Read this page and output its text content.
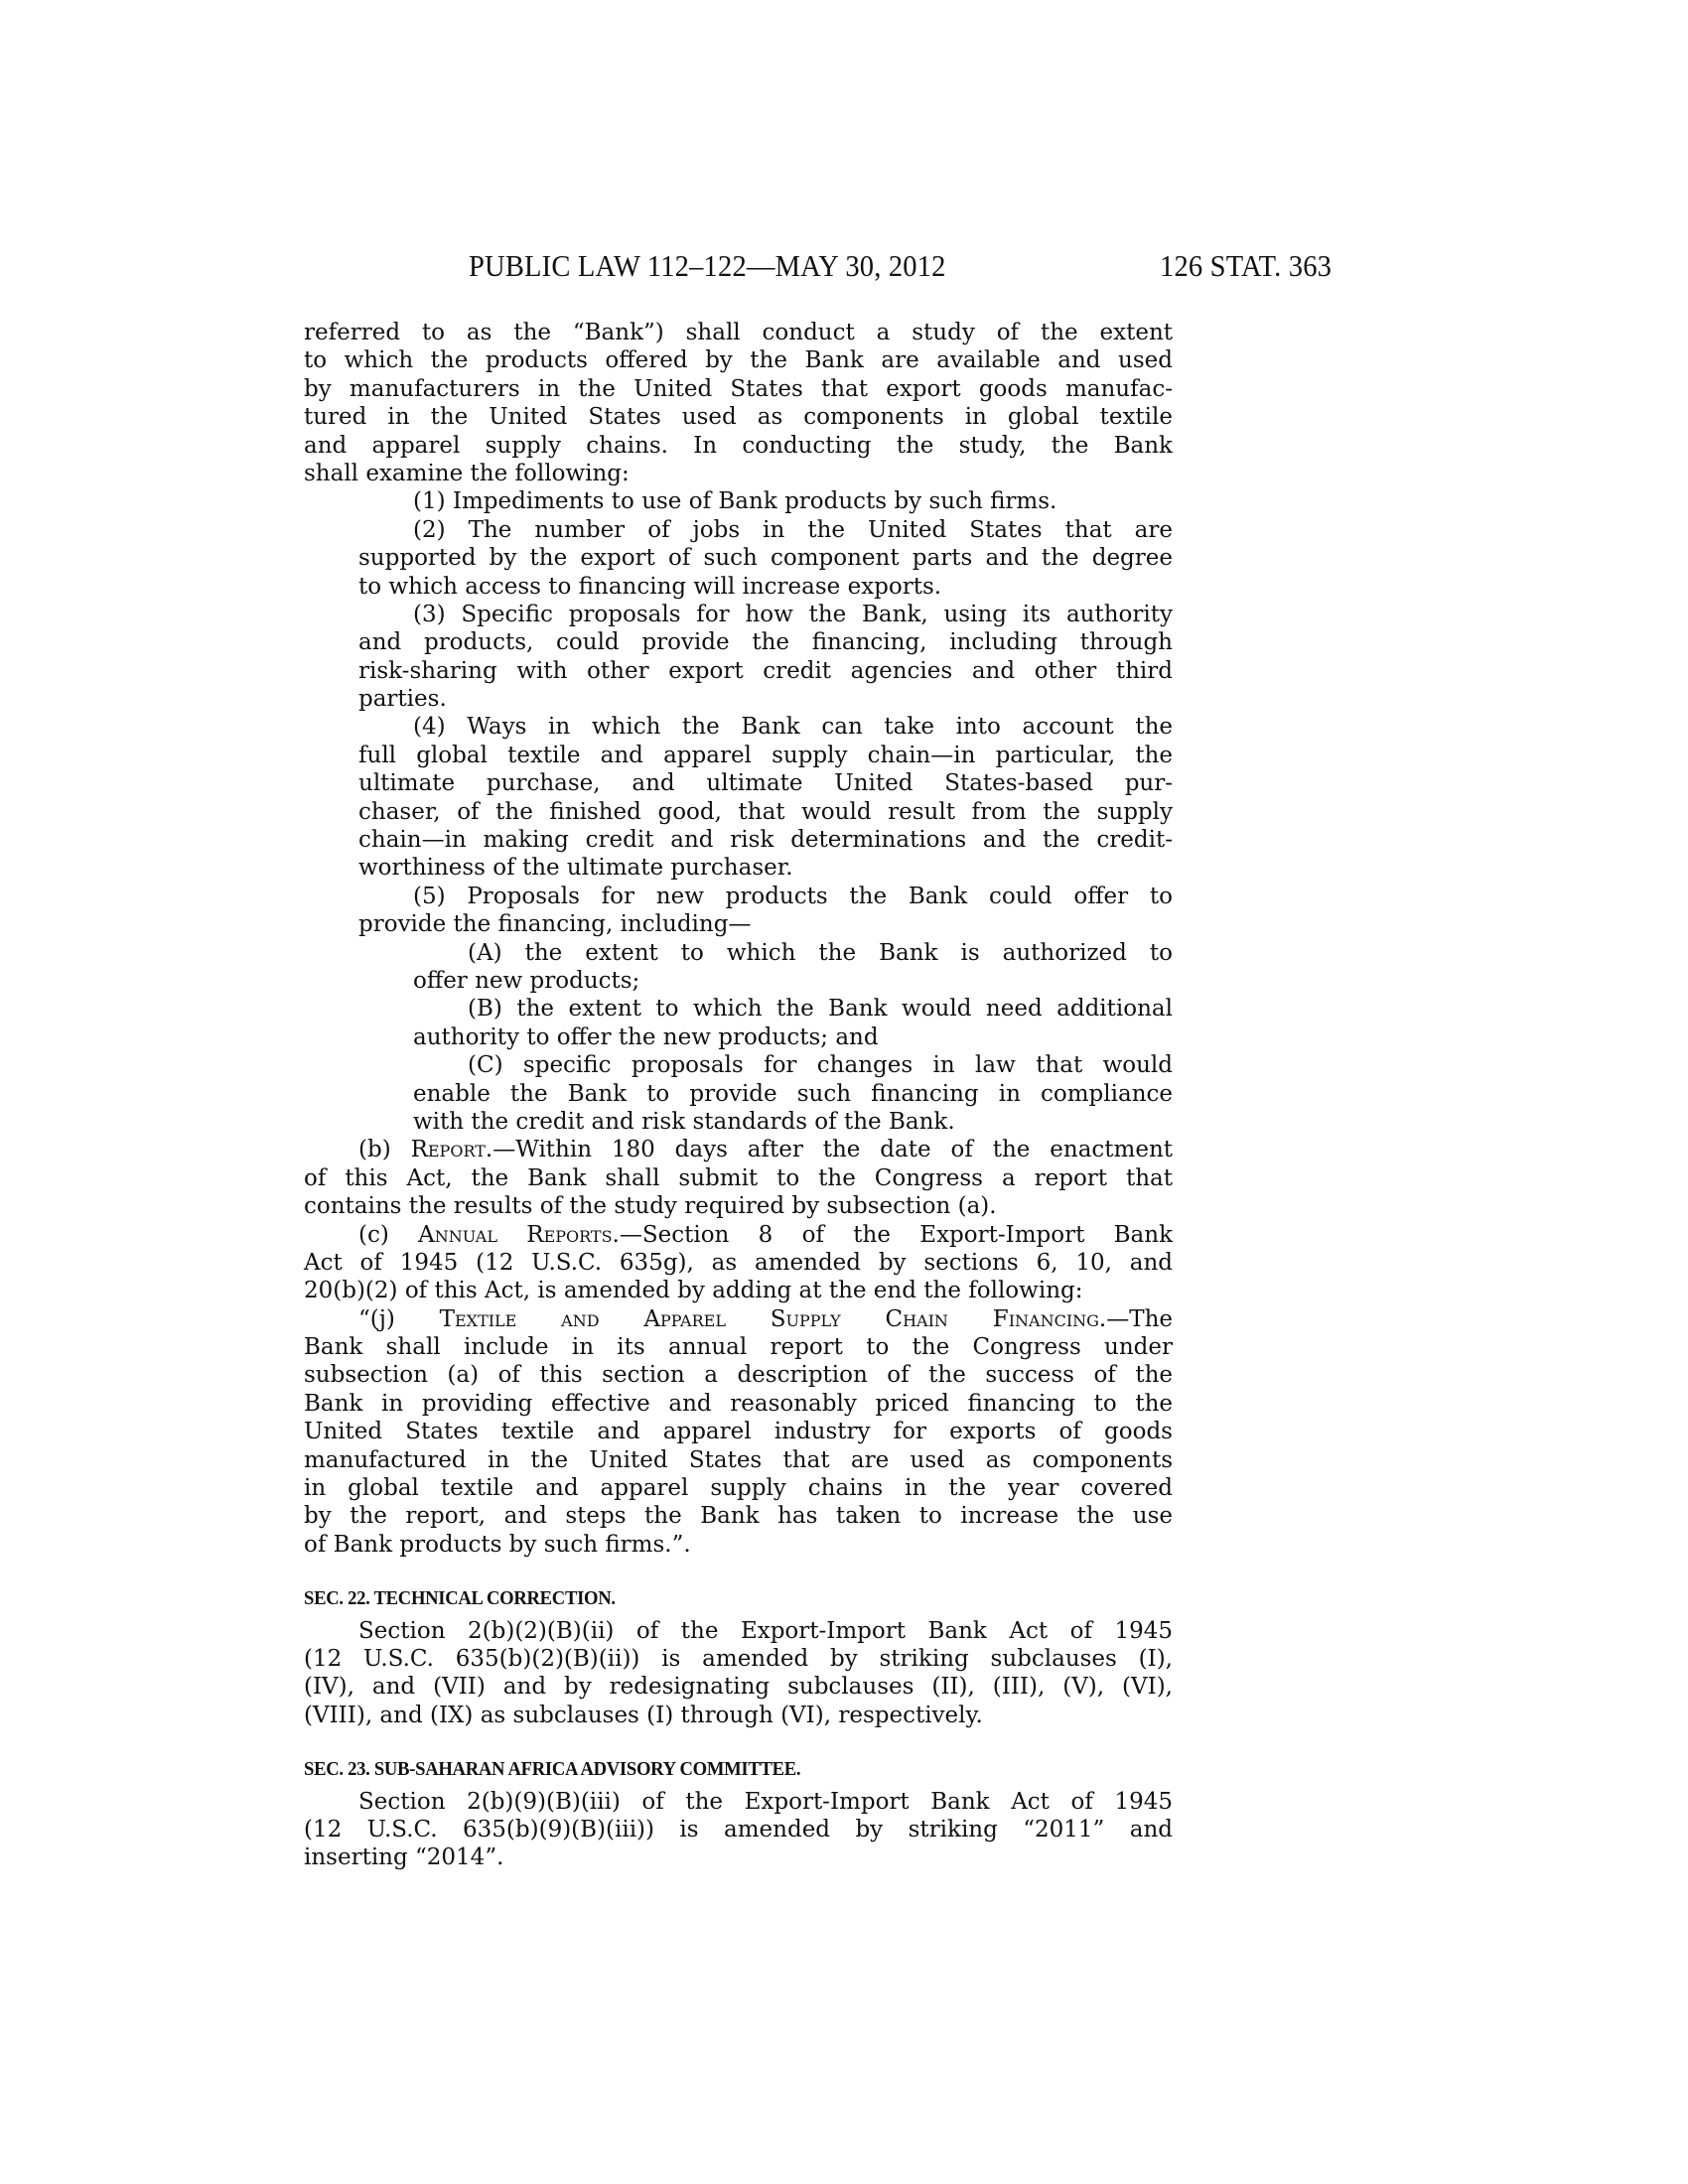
PUBLIC LAW 112–122—MAY 30, 2012	126 STAT. 363
referred to as the “Bank”) shall conduct a study of the extent
to which the products offered by the Bank are available and used
by manufacturers in the United States that export goods manufac-
tured in the United States used as components in global textile
and apparel supply chains. In conducting the study, the Bank
shall examine the following:
(1) Impediments to use of Bank products by such firms.
(2) The number of jobs in the United States that are
supported by the export of such component parts and the degree
to which access to financing will increase exports.
(3) Specific proposals for how the Bank, using its authority
and products, could provide the financing, including through
risk-sharing with other export credit agencies and other third
parties.
(4) Ways in which the Bank can take into account the
full global textile and apparel supply chain—in particular, the
ultimate purchase, and ultimate United States-based pur-
chaser, of the finished good, that would result from the supply
chain—in making credit and risk determinations and the credit-
worthiness of the ultimate purchaser.
(5) Proposals for new products the Bank could offer to
provide the financing, including—
(A) the extent to which the Bank is authorized to
offer new products;
(B) the extent to which the Bank would need additional
authority to offer the new products; and
(C) specific proposals for changes in law that would
enable the Bank to provide such financing in compliance
with the credit and risk standards of the Bank.
(b) Report.—Within 180 days after the date of the enactment
of this Act, the Bank shall submit to the Congress a report that
contains the results of the study required by subsection (a).
(c) Annual Reports.—Section 8 of the Export-Import Bank
Act of 1945 (12 U.S.C. 635g), as amended by sections 6, 10, and
20(b)(2) of this Act, is amended by adding at the end the following:
“(j) Textile and Apparel Supply Chain Financing.—The
Bank shall include in its annual report to the Congress under
subsection (a) of this section a description of the success of the
Bank in providing effective and reasonably priced financing to the
United States textile and apparel industry for exports of goods
manufactured in the United States that are used as components
in global textile and apparel supply chains in the year covered
by the report, and steps the Bank has taken to increase the use
of Bank products by such firms.”.
SEC. 22. TECHNICAL CORRECTION.
Section 2(b)(2)(B)(ii) of the Export-Import Bank Act of 1945
(12 U.S.C. 635(b)(2)(B)(ii)) is amended by striking subclauses (I),
(IV), and (VII) and by redesignating subclauses (II), (III), (V), (VI),
(VIII), and (IX) as subclauses (I) through (VI), respectively.
SEC. 23. SUB-SAHARAN AFRICA ADVISORY COMMITTEE.
Section 2(b)(9)(B)(iii) of the Export-Import Bank Act of 1945
(12 U.S.C. 635(b)(9)(B)(iii)) is amended by striking “2011” and
inserting “2014”.
